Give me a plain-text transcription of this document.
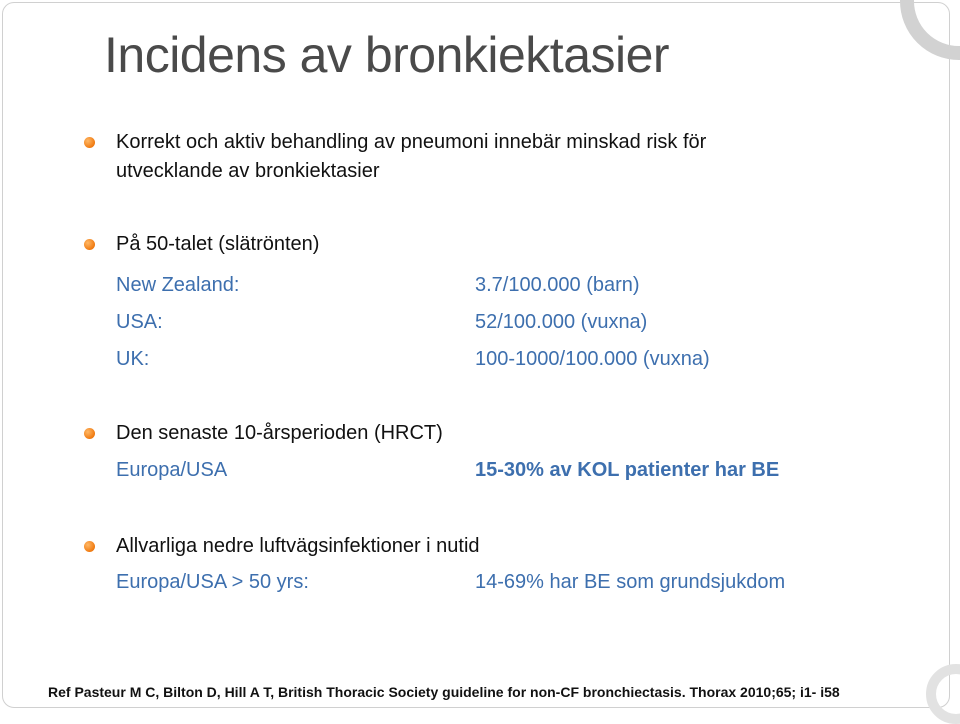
Incidens av bronkiektasier
Korrekt och aktiv behandling av pneumoni innebär minskad risk för
utvecklande av bronkiektasier
På 50-talet (slätrönten)
New Zealand:	3.7/100.000 (barn)
USA:	52/100.000 (vuxna)
UK:	100-1000/100.000 (vuxna)
Den senaste 10-årsperioden (HRCT)
Europa/USA	15-30% av KOL patienter har BE
Allvarliga nedre luftvägsinfektioner i nutid
Europa/USA > 50 yrs:	14-69% har BE som grundsjukdom
Ref Pasteur M C, Bilton D, Hill A T, British Thoracic Society guideline for non-CF bronchiectasis. Thorax 2010;65; i1- i58
